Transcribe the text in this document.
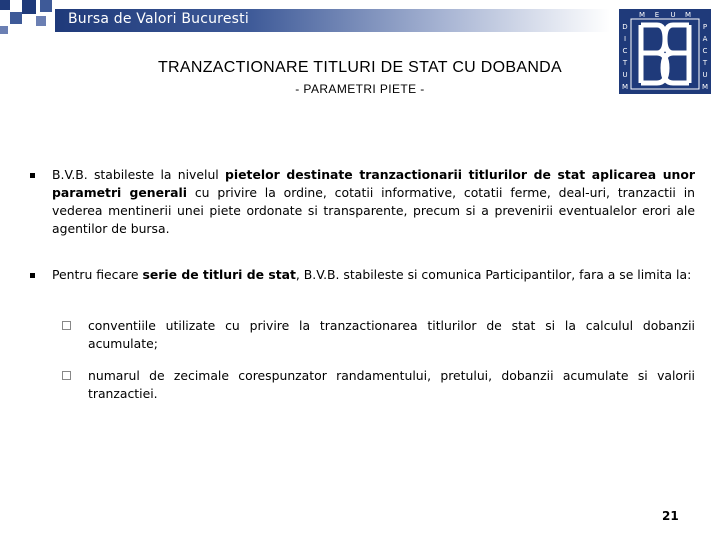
Bursa de Valori Bucuresti	D
I
C
T
U
M
P
A
C
T
U
M
M E U M
TRANZACTIONARE TITLURI DE STAT CU DOBANDA
- PARAMETRI PIETE -
B.V.B. stabileste la nivelul pietelor destinate tranzactionarii titlurilor de stat aplicarea unor parametri generali cu privire la ordine, cotatii informative, cotatii ferme, deal-uri, tranzactii in vederea mentinerii unei piete ordonate si transparente, precum si a prevenirii eventualelor erori ale agentilor de bursa.
Pentru fiecare serie de titluri de stat, B.V.B. stabileste si comunica Participantilor, fara a se limita la:
conventiile utilizate cu privire la tranzactionarea titlurilor de stat si la calculul dobanzii acumulate;
numarul de zecimale corespunzator randamentului, pretului, dobanzii acumulate si valorii tranzactiei.
21
